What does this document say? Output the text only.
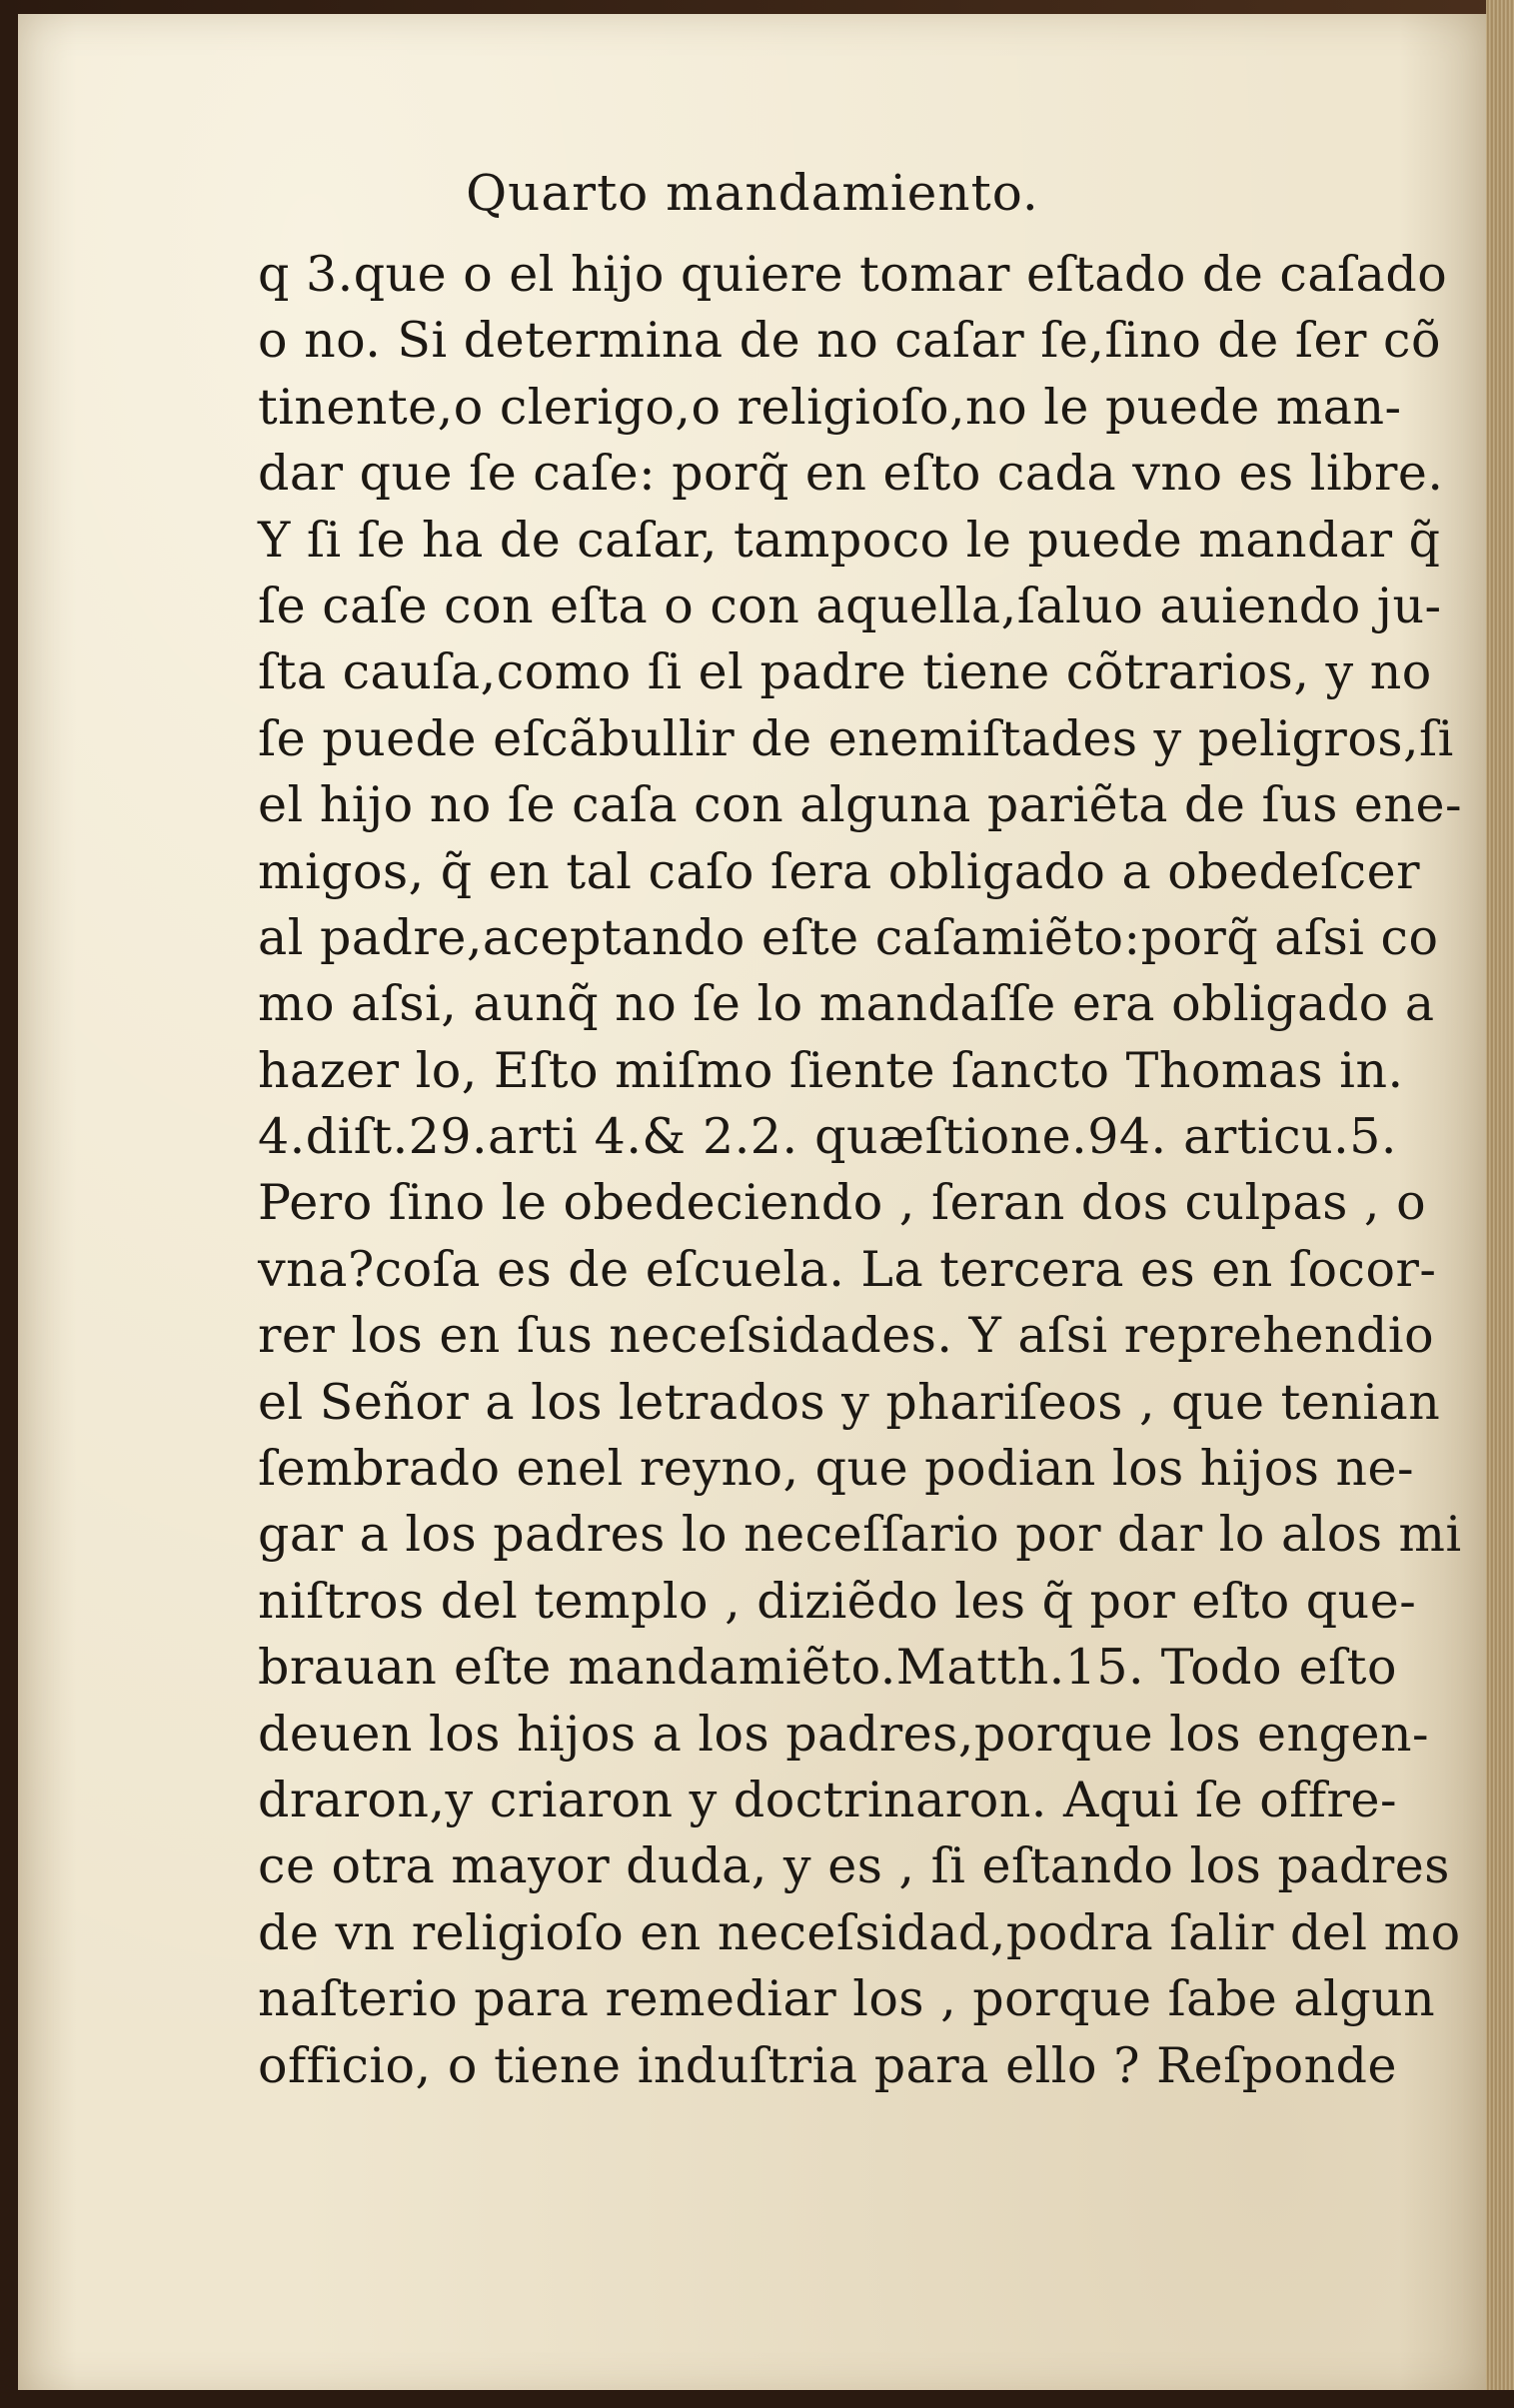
Quarto mandamiento.
q 3.que o el hijo quiere tomar eſtado de caſado
o no. Si determina de no caſar ſe,ſino de ſer cõ
tinente,o clerigo,o religioſo,no le puede man-
dar que ſe caſe: porq̃ en eſto cada vno es libre.
Y ſi ſe ha de caſar, tampoco le puede mandar q̃
ſe caſe con eſta o con aquella,ſaluo auiendo ju-
ſta cauſa,como ſi el padre tiene cõtrarios, y no
ſe puede eſcãbullir de enemiſtades y peligros,ſi
el hijo no ſe caſa con alguna pariẽta de ſus ene-
migos, q̃ en tal caſo ſera obligado a obedeſcer
al padre,aceptando eſte caſamiẽto:porq̃ aſsi co
mo aſsi, aunq̃ no ſe lo mandaſſe era obligado a
hazer lo, Eſto miſmo ſiente ſancto Thomas in.
4.diſt.29.arti 4.& 2.2. quæſtione.94. articu.5.
Pero ſino le obedeciendo , ſeran dos culpas , o
vna?coſa es de eſcuela. La tercera es en ſocor-
rer los en ſus neceſsidades. Y aſsi reprehendio
el Señor a los letrados y phariſeos , que tenian
ſembrado enel reyno, que podian los hijos ne-
gar a los padres lo neceſſario por dar lo alos mi
niſtros del templo , diziẽdo les q̃ por eſto que-
brauan eſte mandamiẽto.Matth.15. Todo eſto
deuen los hijos a los padres,porque los engen-
draron,y criaron y doctrinaron. Aqui ſe offre-
ce otra mayor duda, y es , ſi eſtando los padres
de vn religioſo en neceſsidad,podra ſalir del mo
naſterio para remediar los , porque ſabe algun
officio, o tiene induſtria para ello ? Reſponde
